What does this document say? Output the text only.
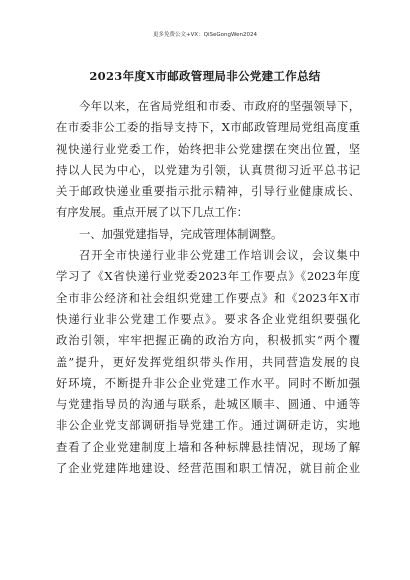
更多免费公文+VX：QiSeGongWen2024
2023年度X市邮政管理局非公党建工作总结
今年以来，在省局党组和市委、市政府的坚强领导下，
在市委非公工委的指导支持下，X市邮政管理局党组高度重
视快递行业党委工作，始终把非公党建摆在突出位置，坚
持以人民为中心，以党建为引领，认真贯彻习近平总书记
关于邮政快递业重要指示批示精神，引导行业健康成长、
有序发展。重点开展了以下几点工作：
一、加强党建指导，完成管理体制调整。
召开全市快递行业非公党建工作培训会议，会议集中
学习了《X省快递行业党委2023年工作要点》《2023年度
全市非公经济和社会组织党建工作要点》和《2023年X市
快递行业非公党建工作要点》。要求各企业党组织要强化
政治引领，牢牢把握正确的政治方向，积极抓实“两个覆
盖”提升，更好发挥党组织带头作用，共同营造发展的良
好环境，不断提升非公企业党建工作水平。同时不断加强
与党建指导员的沟通与联系，赴城区顺丰、圆通、中通等
非公企业党支部调研指导党建工作。通过调研走访，实地
查看了企业党建制度上墙和各种标牌悬挂情况，现场了解
了企业党建阵地建设、经营范围和职工情况，就目前企业
